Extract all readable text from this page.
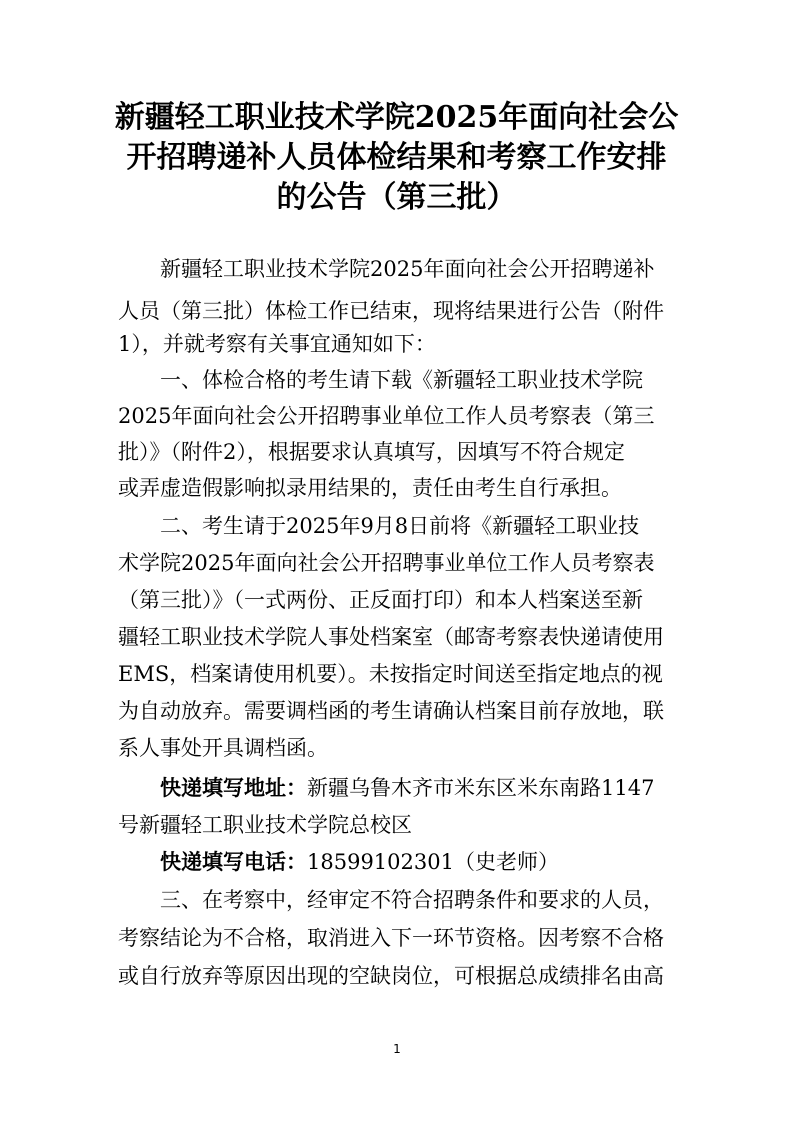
新疆轻工职业技术学院2025年面向社会公
开招聘递补人员体检结果和考察工作安排
的公告（第三批）
新疆轻工职业技术学院2025年面向社会公开招聘递补
人员（第三批）体检工作已结束，现将结果进行公告（附件
1），并就考察有关事宜通知如下：
一、体检合格的考生请下载《新疆轻工职业技术学院
2025年面向社会公开招聘事业单位工作人员考察表（第三
批）》（附件2），根据要求认真填写，因填写不符合规定
或弄虚造假影响拟录用结果的，责任由考生自行承担。
二、考生请于2025年9月8日前将《新疆轻工职业技
术学院2025年面向社会公开招聘事业单位工作人员考察表
（第三批）》（一式两份、正反面打印）和本人档案送至新
疆轻工职业技术学院人事处档案室（邮寄考察表快递请使用
EMS，档案请使用机要）。未按指定时间送至指定地点的视
为自动放弃。需要调档函的考生请确认档案目前存放地，联
系人事处开具调档函。
快递填写地址：新疆乌鲁木齐市米东区米东南路1147
号新疆轻工职业技术学院总校区
快递填写电话：18599102301（史老师）
三、在考察中，经审定不符合招聘条件和要求的人员，
考察结论为不合格，取消进入下一环节资格。因考察不合格
或自行放弃等原因出现的空缺岗位，可根据总成绩排名由高
1
